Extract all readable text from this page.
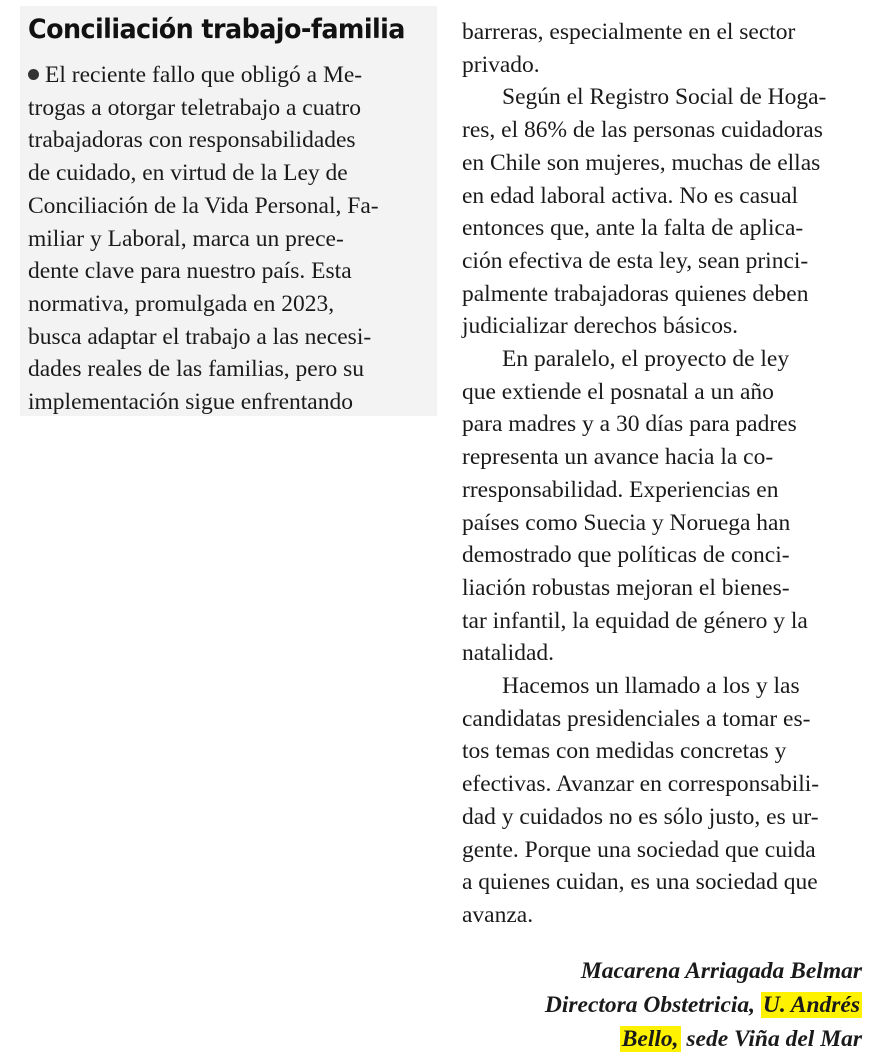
Conciliación trabajo-familia
El reciente fallo que obligó a Me-
trogas a otorgar teletrabajo a cuatro
trabajadoras con responsabilidades
de cuidado, en virtud de la Ley de
Conciliación de la Vida Personal, Fa-
miliar y Laboral, marca un prece-
dente clave para nuestro país. Esta
normativa, promulgada en 2023,
busca adaptar el trabajo a las necesi-
dades reales de las familias, pero su
implementación sigue enfrentando
barreras, especialmente en el sector
privado.
Según el Registro Social de Hoga-
res, el 86% de las personas cuidadoras
en Chile son mujeres, muchas de ellas
en edad laboral activa. No es casual
entonces que, ante la falta de aplica-
ción efectiva de esta ley, sean princi-
palmente trabajadoras quienes deben
judicializar derechos básicos.
En paralelo, el proyecto de ley
que extiende el posnatal a un año
para madres y a 30 días para padres
representa un avance hacia la co-
rresponsabilidad. Experiencias en
países como Suecia y Noruega han
demostrado que políticas de conci-
liación robustas mejoran el bienes-
tar infantil, la equidad de género y la
natalidad.
Hacemos un llamado a los y las
candidatas presidenciales a tomar es-
tos temas con medidas concretas y
efectivas. Avanzar en corresponsabili-
dad y cuidados no es sólo justo, es ur-
gente. Porque una sociedad que cuida
a quienes cuidan, es una sociedad que
avanza.
Macarena Arriagada Belmar
Directora Obstetricia, U. Andrés
Bello, sede Viña del Mar
